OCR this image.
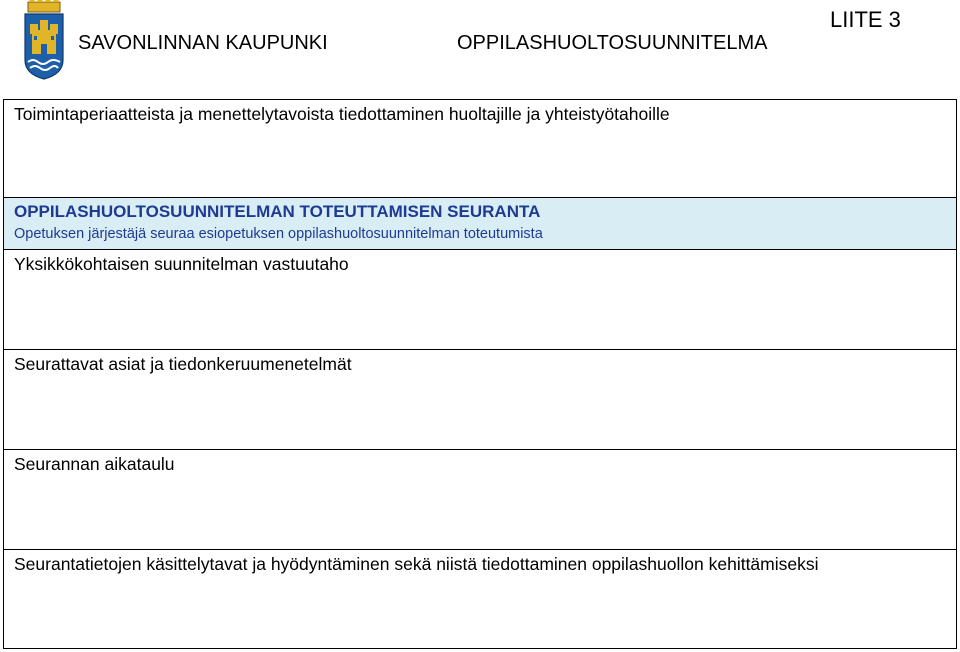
SAVONLINNAN KAUPUNKI	OPPILASHUOLTOSUUNNITELMA
LIITE 3
Toimintaperiaatteista ja menettelytavoista tiedottaminen huoltajille ja yhteistyötahoille
OPPILASHUOLTOSUUNNITELMAN TOTEUTTAMISEN SEURANTA
Opetuksen järjestäjä seuraa esiopetuksen oppilashuoltosuunnitelman toteutumista
Yksikkökohtaisen suunnitelman vastuutaho
Seurattavat asiat ja tiedonkeruumenetelmät
Seurannan aikataulu
Seurantatietojen käsittelytavat ja hyödyntäminen sekä niistä tiedottaminen oppilashuollon kehittämiseksi
